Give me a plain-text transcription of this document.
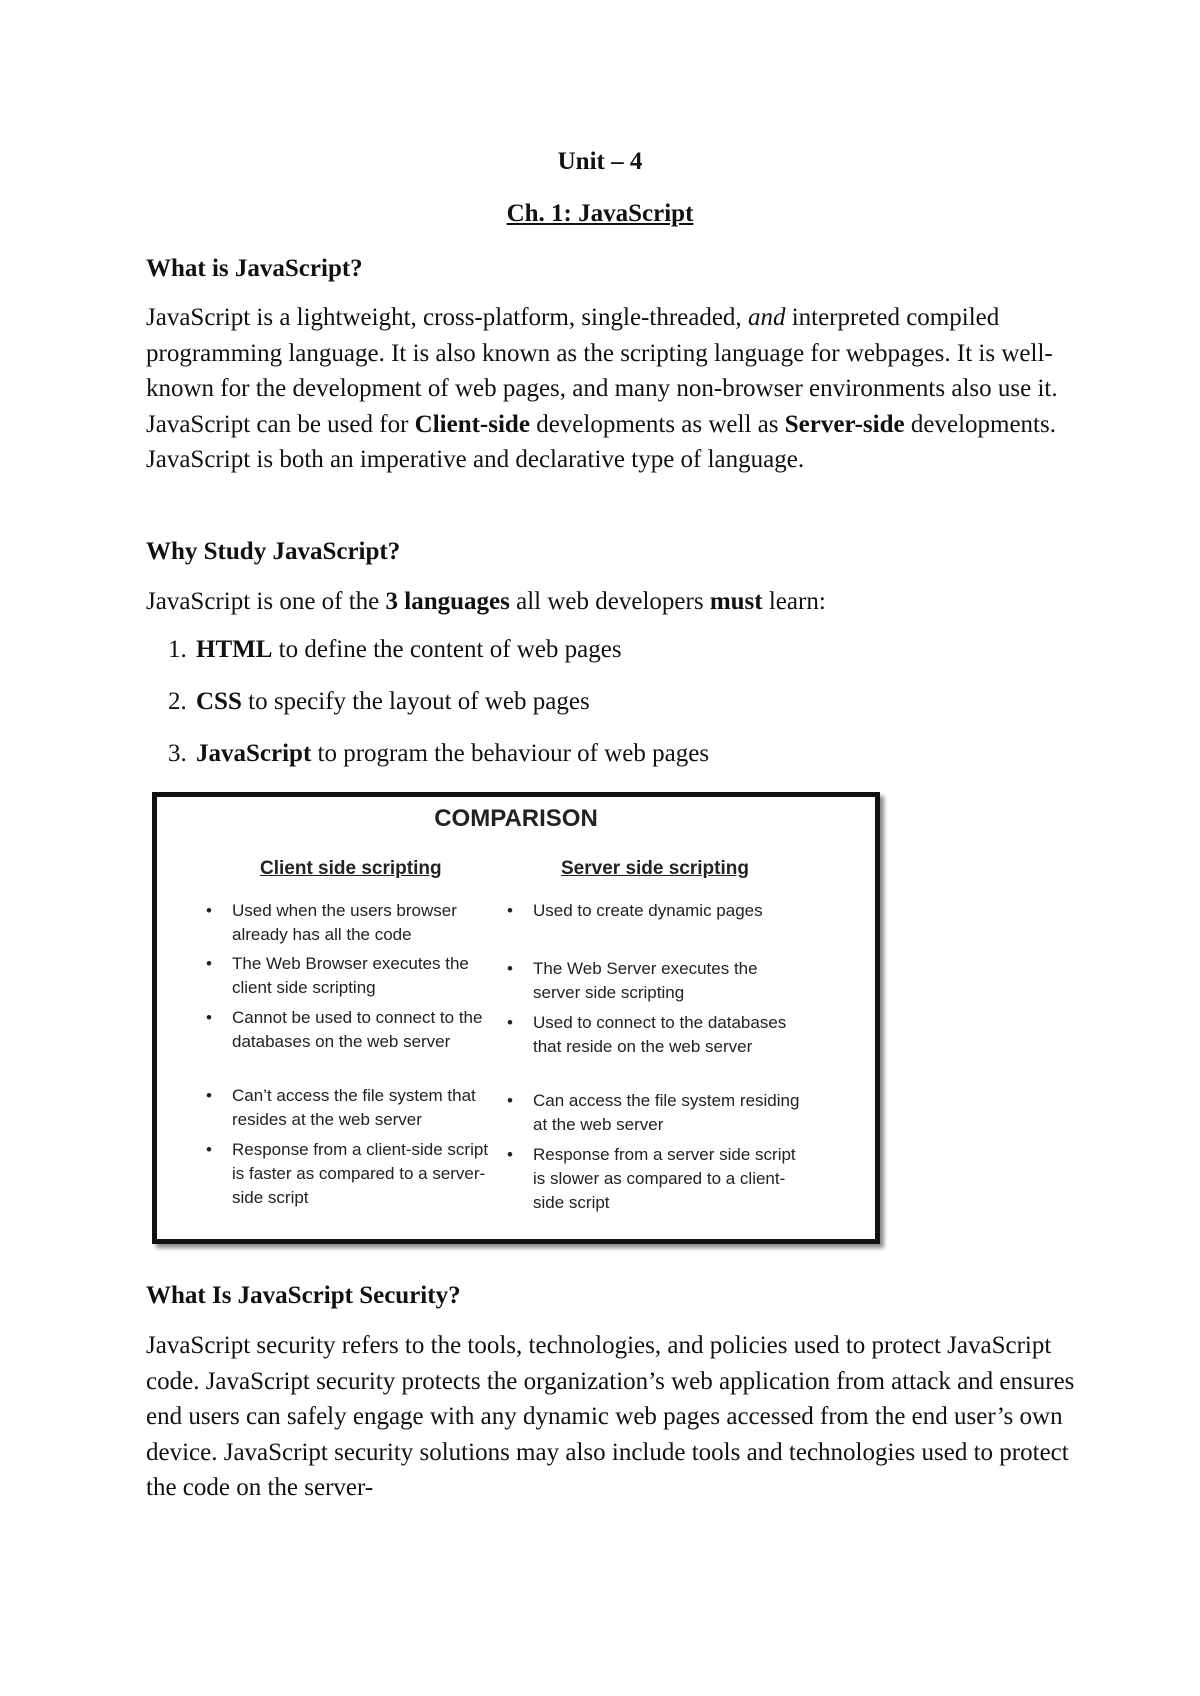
Unit – 4
Ch. 1: JavaScript
What is JavaScript?

JavaScript is a lightweight, cross-platform, single-threaded, and interpreted compiled programming language. It is also known as the scripting language for webpages. It is well-known for the development of web pages, and many non-browser environments also use it. JavaScript can be used for Client-side developments as well as Server-side developments. JavaScript is both an imperative and declarative type of language.

Why Study JavaScript?

JavaScript is one of the 3 languages all web developers must learn:

1. HTML to define the content of web pages
2. CSS to specify the layout of web pages
3. JavaScript to program the behaviour of web pages
COMPARISON
Client side scripting	Server side scripting
• Used when the users browser already has all the code
• The Web Browser executes the client side scripting
• Cannot be used to connect to the databases on the web server
• Can’t access the file system that resides at the web server
• Response from a client-side script is faster as compared to a server-side script
• Used to create dynamic pages
• The Web Server executes the server side scripting
• Used to connect to the databases that reside on the web server
• Can access the file system residing at the web server
• Response from a server side script is slower as compared to a client-side script
What Is JavaScript Security?

JavaScript security refers to the tools, technologies, and policies used to protect JavaScript code. JavaScript security protects the organization’s web application from attack and ensures end users can safely engage with any dynamic web pages accessed from the end user’s own device. JavaScript security solutions may also include tools and technologies used to protect the code on the server-
